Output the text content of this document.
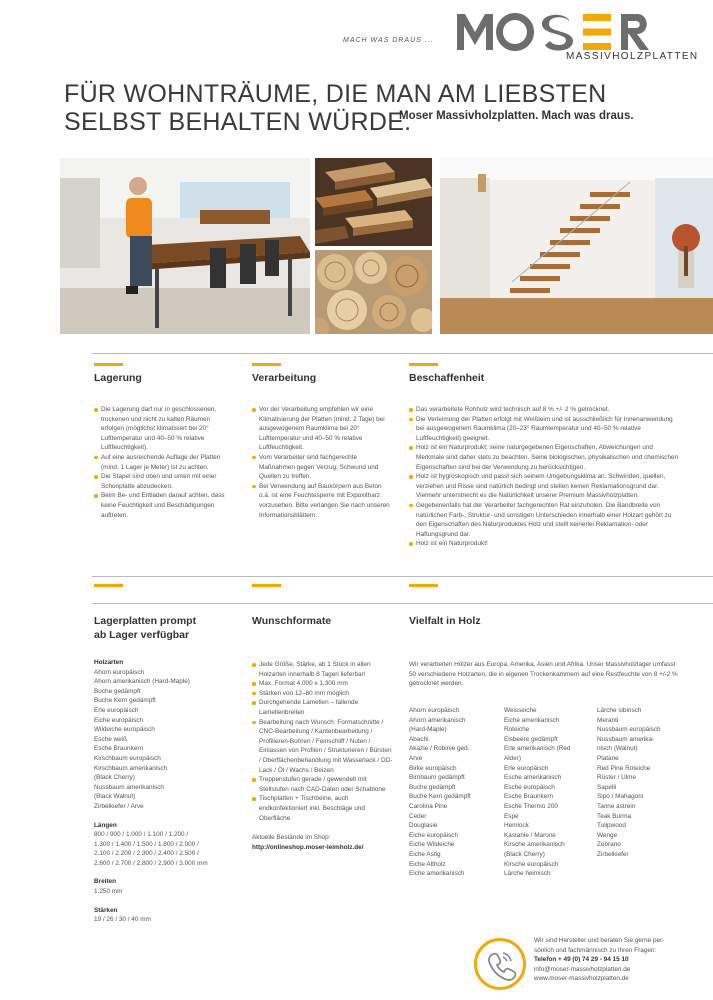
MACH WAS DRAUS ...
MASSIVHOLZPLATTEN
FÜR WOHNTRÄUME, DIE MAN AM LIEBSTEN
SELBST BEHALTEN WÜRDE.
Moser Massivholzplatten. Mach was draus.
Lagerung
Die Lagerung darf nur in geschlossenen, trockenen und nicht zu kalten Räumen erfolgen (möglichst klimatisiert bei 20° Lufttemperatur und 40–50 % relative Luftfeuchtigkeit).
Auf eine ausreichende Auflage der Platten (mind. 1 Lager je Meter) ist zu achten.
Die Stapel sind oben und unten mit einer Schonplatte abzudecken.
Beim Be- und Entladen darauf achten, dass keine Feuchtigkeit und Beschädigungen auftreten.
Verarbeitung
Vor der Verarbeitung empfehlen wir eine Klimatisierung der Platten (mind. 2 Tage) bei ausgewogenem Raumklima bei 20° Lufttemperatur und 40–50 % relative Luftfeuchtigkeit.
Vom Verarbeiter sind fachgerechte Maßnahmen gegen Verzug, Schwund und Quellen zu treffen.
Bei Verwendung auf Baukörpern aus Beton o.ä. ist eine Feuchtesperre mit Expoxitharz vorzusehen. Bitte verlangen Sie nach unseren Informationsblättern.
Beschaffenheit
Das verarbeitete Rohholz wird technisch auf 8 % +/- 2 % getrocknet.
Die Verleimung der Platten erfolgt mit Weißleim und ist ausschließlich für Innenanwendung bei ausgewogenem Raumklima (20–23° Raumtemperatur und 40–50 % relative Luftfeuchtigkeit) geeignet.
Holz ist ein Naturprodukt; seine naturgegebenen Eigenschaften, Abweichungen und Merkmale sind daher stets zu beachten. Seine biologischen, physikalischen und chemischen Eigenschaften sind bei der Verwendung zu berücksichtigen.
Holz ist hygroskopisch und passt sich seinem Umgebungsklima an. Schwinden, quellen, verziehen und Risse sind natürlich bedingt und stellen keinen Reklamationsgrund dar. Vielmehr unterstreicht es die Natürlichkeit unserer Premium Massivholzplatten.
Gegebenenfalls hat der Verarbeiter fachgerechten Rat einzuholen. Die Bandbreite von natürlichen Farb-, Struktur- und sonstigen Unterschieden innerhalb einer Holzart gehört zu den Eigenschaften des Naturproduktes Holz und stellt keinerlei Reklamation- oder Haftungsgrund dar.
Holz ist ein Naturprodukt!
Lagerplatten prompt
ab Lager verfügbar
Holzarten
Ahorn europäisch
Ahorn amerikanisch (Hard-Maple)
Buche gedämpft
Buche Kern gedämpft
Erle europäisch
Eiche europäisch
Wildeiche europäisch
Esche weiß
Esche Braunkern
Kirschbaum europäisch
Kirschbaum amerikanisch
(Black Cherry)
Nussbaum amerikanisch
(Black Walnut)
Zirbelkiefer / Arve
Längen
800 / 900 / 1.000 / 1.100 / 1.200 /
1.300 / 1.400 / 1.500 / 1.800 / 2.000 /
2.100 / 2.200 / 2.300 / 2.400 / 2.500 /
2.600 / 2.700 / 2.800 / 2.900 / 3.000 mm
Breiten
1.250 mm
Stärken
19 / 26 / 30 / 40 mm
Wunschformate
Jede Größe, Stärke, ab 1 Stück in allen Holzarten innerhalb 8 Tagen lieferbar!
Max. Format 4.000 x 1.300 mm
Stärken von 12–80 mm möglich
Durchgehende Lamellen – fallende Lamellenbreiten
Bearbeitung nach Wunsch: Formatschnitte / CNC-Bearbeitung / Kantenbearbeitung / Profilieren-Bohren / Feinschliff / Nuten / Einlassen von Profilen / Strukturieren / Bürsten / Oberflächenbehandlung mit Wasserlack / DD-Lack / Öl / Wachs / Beizen
Treppenstufen gerade / gewendelt mit Stellstufen nach CAD-Daten oder Schablone
Tischplatten + Tischbeine, auch endkonfektioniert inkl. Beschläge und Oberfläche
Aktuelle Bestände im Shop:
http://onlineshop.moser-leimholz.de/
Vielfalt in Holz
Wir verarbeiten Hölzer aus Europa, Amerika, Asien und Afrika. Unser Massivholzlager umfasst 50 verschiedene Holzarten, die in eigenen Trockenkammern auf eine Restfeuchte von 8 +/-2 % getrocknet werden.
Ahorn europäisch
Ahorn amerikanisch
(Hard-Maple)
Abachi
Akazie / Robinie ged.
Arve
Birke europäisch
Birnbaum gedämpft
Buche gedämpft
Buche Kern gedämpft
Carolina Pine
Ceder
Douglasie
Eiche europäisch
Eiche Wildeiche
Eiche Astig
Eiche Altholz
Eiche amerikanisch
Weisseiche
Eiche amerikanisch
Roteiche
Elsbeere gedämpft
Erle amerikanisch (Red
Alder)
Erle europäisch
Esche amerikanisch
Esche europäisch
Esche Braunkern
Esche Thermo 200
Espe
Hemlock
Kastanie / Marone
Kirsche amerikanisch
(Black Cherry)
Kirsche europäisch
Lärche heimisch
Lärche sibirisch
Meranti
Nussbaum europäisch
Nussbaum amerika-
nisch (Walnut)
Platane
Red Pine Roteiche
Rüster / Ulme
Sapelli
Sipo / Mahagoni
Tanne astrein
Teak Burma
Tulipwood
Wenge
Zebrano
Zirbelkiefer
Wir sind Hersteller und beraten Sie gerne per-
sönlich und fachmännisch zu Ihren Fragen:
Telefon + 49 (0) 74 29 - 94 15 10
info@moser-massivholzplatten.de
www.moser-massivholzplatten.de
